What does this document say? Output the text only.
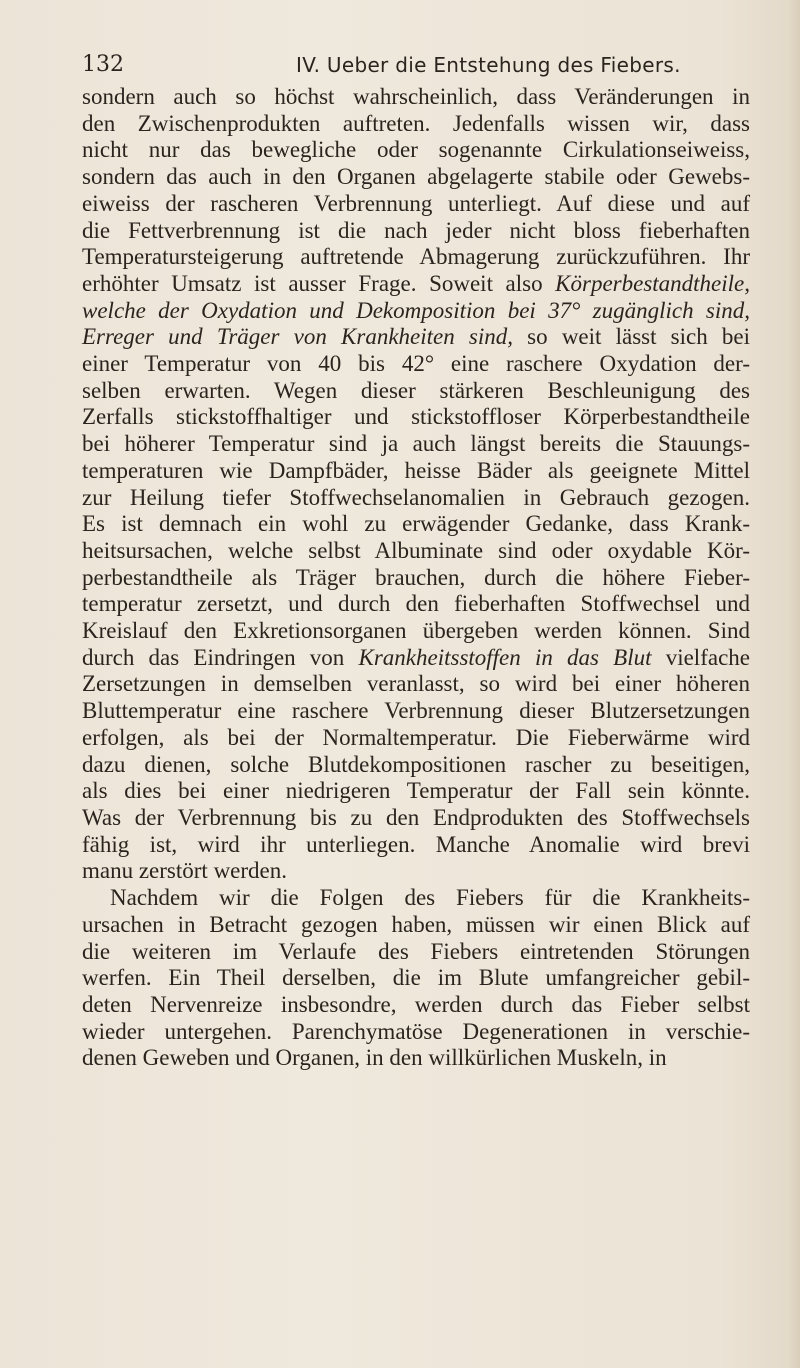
132	IV. Ueber die Entstehung des Fiebers.
sondern auch so höchst wahrscheinlich, dass Veränderungen in
den Zwischenprodukten auftreten. Jedenfalls wissen wir, dass
nicht nur das bewegliche oder sogenannte Cirkulationseiweiss,
sondern das auch in den Organen abgelagerte stabile oder Gewebs-
eiweiss der rascheren Verbrennung unterliegt. Auf diese und auf
die Fettverbrennung ist die nach jeder nicht bloss fieberhaften
Temperatursteigerung auftretende Abmagerung zurückzuführen. Ihr
erhöhter Umsatz ist ausser Frage. Soweit also Körperbestandtheile,
welche der Oxydation und Dekomposition bei 37° zugänglich sind,
Erreger und Träger von Krankheiten sind, so weit lässt sich bei
einer Temperatur von 40 bis 42° eine raschere Oxydation der-
selben erwarten. Wegen dieser stärkeren Beschleunigung des
Zerfalls stickstoffhaltiger und stickstoffloser Körperbestandtheile
bei höherer Temperatur sind ja auch längst bereits die Stauungs-
temperaturen wie Dampfbäder, heisse Bäder als geeignete Mittel
zur Heilung tiefer Stoffwechselanomalien in Gebrauch gezogen.
Es ist demnach ein wohl zu erwägender Gedanke, dass Krank-
heitsursachen, welche selbst Albuminate sind oder oxydable Kör-
perbestandtheile als Träger brauchen, durch die höhere Fieber-
temperatur zersetzt, und durch den fieberhaften Stoffwechsel und
Kreislauf den Exkretionsorganen übergeben werden können. Sind
durch das Eindringen von Krankheitsstoffen in das Blut vielfache
Zersetzungen in demselben veranlasst, so wird bei einer höheren
Bluttemperatur eine raschere Verbrennung dieser Blutzersetzungen
erfolgen, als bei der Normaltemperatur. Die Fieberwärme wird
dazu dienen, solche Blutdekompositionen rascher zu beseitigen,
als dies bei einer niedrigeren Temperatur der Fall sein könnte.
Was der Verbrennung bis zu den Endprodukten des Stoffwechsels
fähig ist, wird ihr unterliegen. Manche Anomalie wird brevi
manu zerstört werden.
Nachdem wir die Folgen des Fiebers für die Krankheits-
ursachen in Betracht gezogen haben, müssen wir einen Blick auf
die weiteren im Verlaufe des Fiebers eintretenden Störungen
werfen. Ein Theil derselben, die im Blute umfangreicher gebil-
deten Nervenreize insbesondre, werden durch das Fieber selbst
wieder untergehen. Parenchymatöse Degenerationen in verschie-
denen Geweben und Organen, in den willkürlichen Muskeln, in
